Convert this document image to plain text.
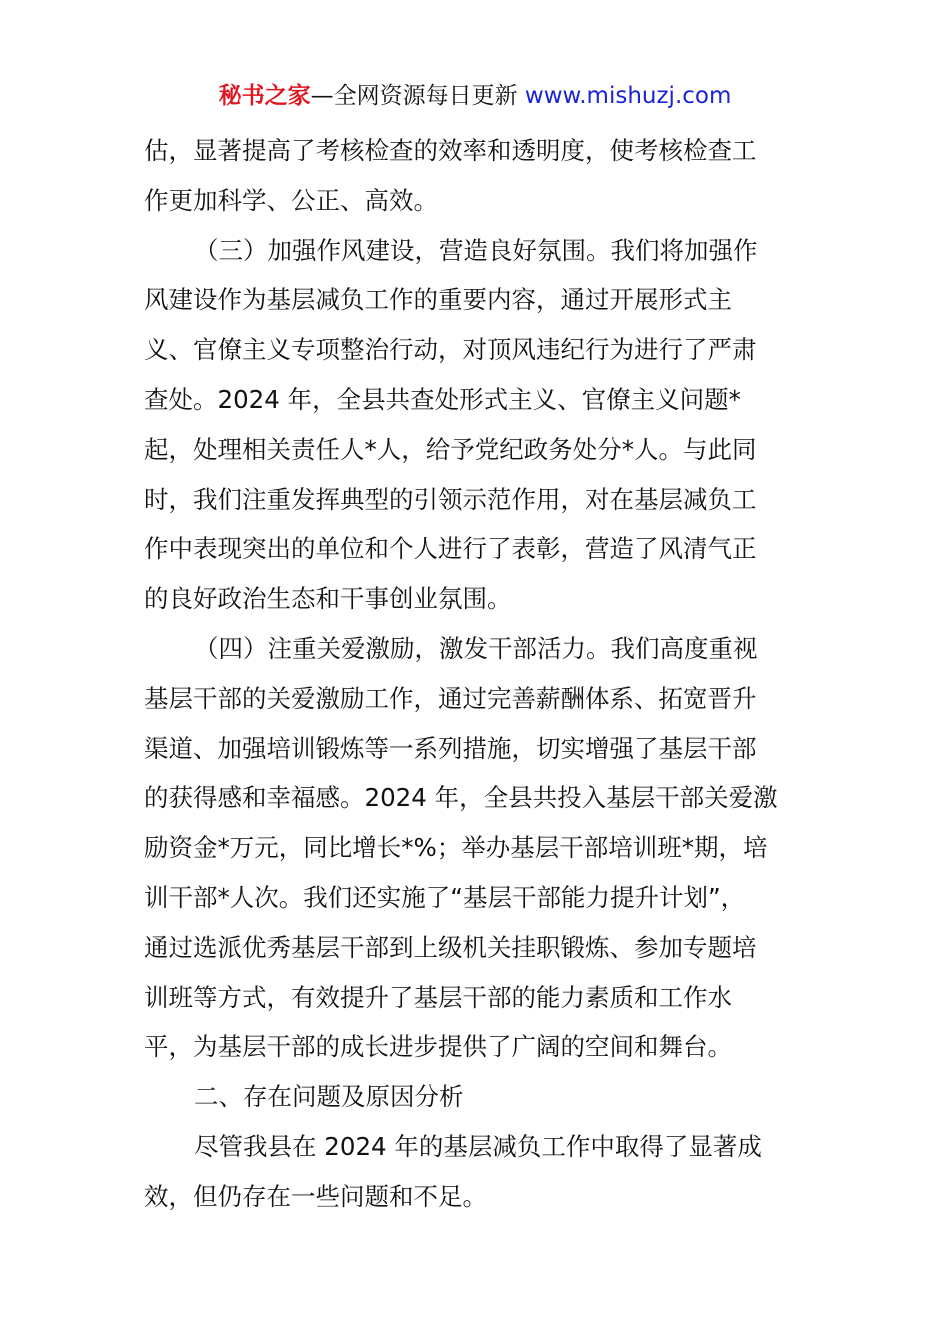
秘书之家—全网资源每日更新 www.mishuzj.com
估，显著提高了考核检查的效率和透明度，使考核检查工
作更加科学、公正、高效。
（三）加强作风建设，营造良好氛围。我们将加强作
风建设作为基层减负工作的重要内容，通过开展形式主
义、官僚主义专项整治行动，对顶风违纪行为进行了严肃
查处。2024 年，全县共查处形式主义、官僚主义问题*
起，处理相关责任人*人，给予党纪政务处分*人。与此同
时，我们注重发挥典型的引领示范作用，对在基层减负工
作中表现突出的单位和个人进行了表彰，营造了风清气正
的良好政治生态和干事创业氛围。
（四）注重关爱激励，激发干部活力。我们高度重视
基层干部的关爱激励工作，通过完善薪酬体系、拓宽晋升
渠道、加强培训锻炼等一系列措施，切实增强了基层干部
的获得感和幸福感。2024 年，全县共投入基层干部关爱激
励资金*万元，同比增长*%；举办基层干部培训班*期，培
训干部*人次。我们还实施了“基层干部能力提升计划”，
通过选派优秀基层干部到上级机关挂职锻炼、参加专题培
训班等方式，有效提升了基层干部的能力素质和工作水
平，为基层干部的成长进步提供了广阔的空间和舞台。
二、存在问题及原因分析
尽管我县在 2024 年的基层减负工作中取得了显著成
效，但仍存在一些问题和不足。
